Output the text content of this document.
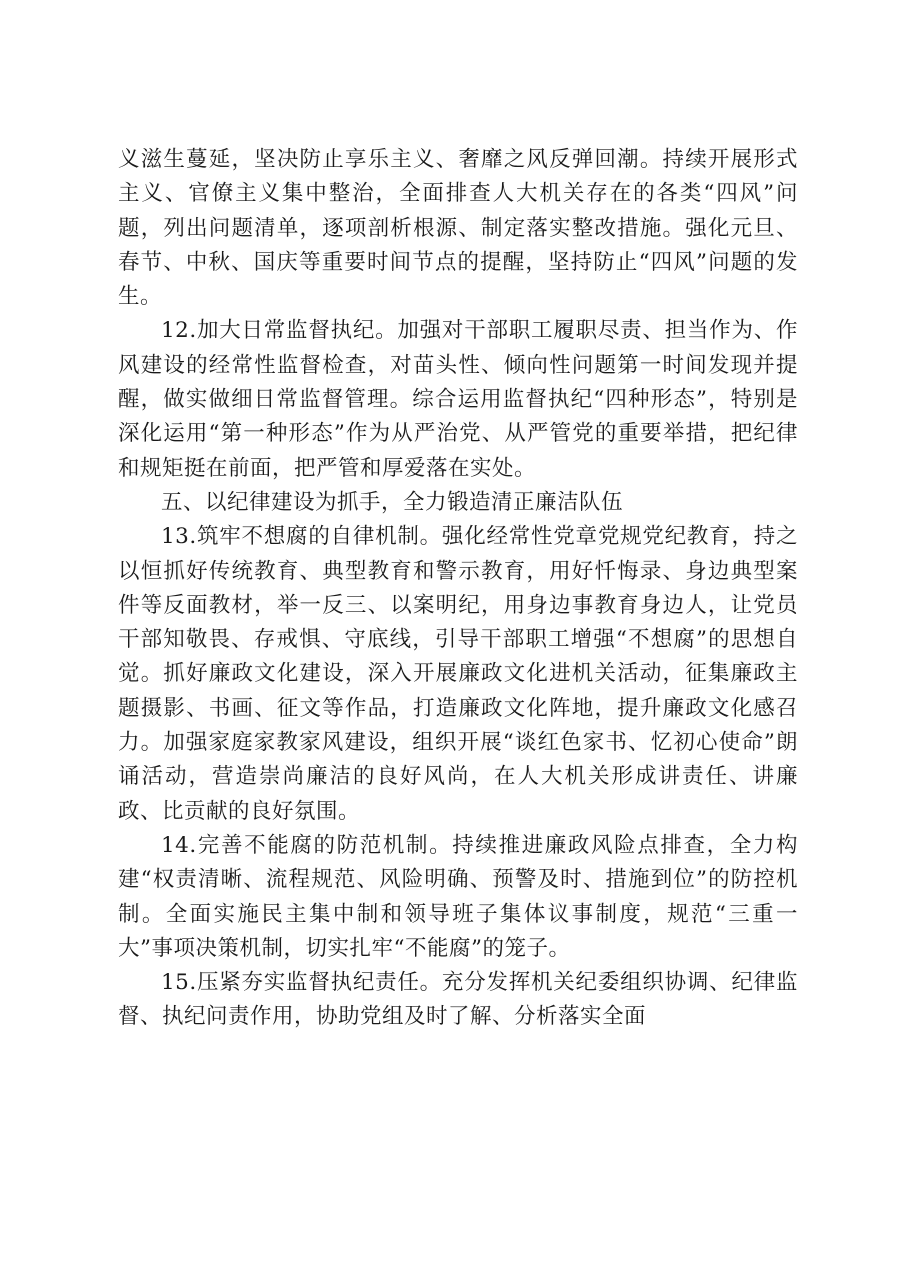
义滋生蔓延，坚决防止享乐主义、奢靡之风反弹回潮。持续开展形式主义、官僚主义集中整治，全面排查人大机关存在的各类“四风”问题，列出问题清单，逐项剖析根源、制定落实整改措施。强化元旦、春节、中秋、国庆等重要时间节点的提醒，坚持防止“四风”问题的发生。

12.加大日常监督执纪。加强对干部职工履职尽责、担当作为、作风建设的经常性监督检查，对苗头性、倾向性问题第一时间发现并提醒，做实做细日常监督管理。综合运用监督执纪“四种形态”，特别是深化运用“第一种形态”作为从严治党、从严管党的重要举措，把纪律和规矩挺在前面，把严管和厚爱落在实处。

五、以纪律建设为抓手，全力锻造清正廉洁队伍

13.筑牢不想腐的自律机制。强化经常性党章党规党纪教育，持之以恒抓好传统教育、典型教育和警示教育，用好忏悔录、身边典型案件等反面教材，举一反三、以案明纪，用身边事教育身边人，让党员干部知敬畏、存戒惧、守底线，引导干部职工增强“不想腐”的思想自觉。抓好廉政文化建设，深入开展廉政文化进机关活动，征集廉政主题摄影、书画、征文等作品，打造廉政文化阵地，提升廉政文化感召力。加强家庭家教家风建设，组织开展“谈红色家书、忆初心使命”朗诵活动，营造崇尚廉洁的良好风尚，在人大机关形成讲责任、讲廉政、比贡献的良好氛围。

14.完善不能腐的防范机制。持续推进廉政风险点排查，全力构建“权责清晰、流程规范、风险明确、预警及时、措施到位”的防控机制。全面实施民主集中制和领导班子集体议事制度，规范“三重一大”事项决策机制，切实扎牢“不能腐”的笼子。

15.压紧夯实监督执纪责任。充分发挥机关纪委组织协调、纪律监督、执纪问责作用，协助党组及时了解、分析落实全面
